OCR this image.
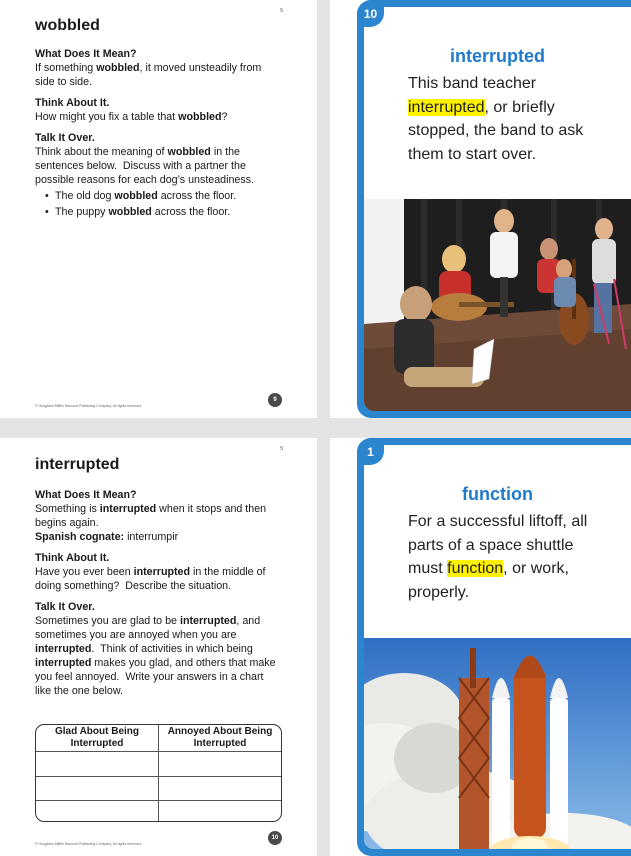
5
wobbled
What Does It Mean?

If something wobbled, it moved unsteadily from side to side.

Think About It.

How might you fix a table that wobbled?

Talk It Over.

Think about the meaning of wobbled in the sentences below.  Discuss with a partner the possible reasons for each dog’s unsteadiness.

• The old dog wobbled across the floor.
• The puppy wobbled across the floor.
© Houghton Mifflin Harcourt Publishing Company. All rights reserved.
9
interrupted
This band teacher interrupted, or briefly stopped, the band to ask them to start over.
10
5
interrupted
What Does It Mean?

Something is interrupted when it stops and then begins again.

Spanish cognate: interrumpir

Think About It.

Have you ever been interrupted in the middle of doing something?  Describe the situation.

Talk It Over.

Sometimes you are glad to be interrupted, and sometimes you are annoyed when you are interrupted.  Think of activities in which being interrupted makes you glad, and others that make you feel annoyed.  Write your answers in a chart like the one below.

© Houghton Mifflin Harcourt Publishing Company. All rights reserved.
10
Glad About Being Interrupted	Annoyed About Being Interrupted

function
For a successful liftoff, all parts of a space shuttle must function, or work, properly.
1
